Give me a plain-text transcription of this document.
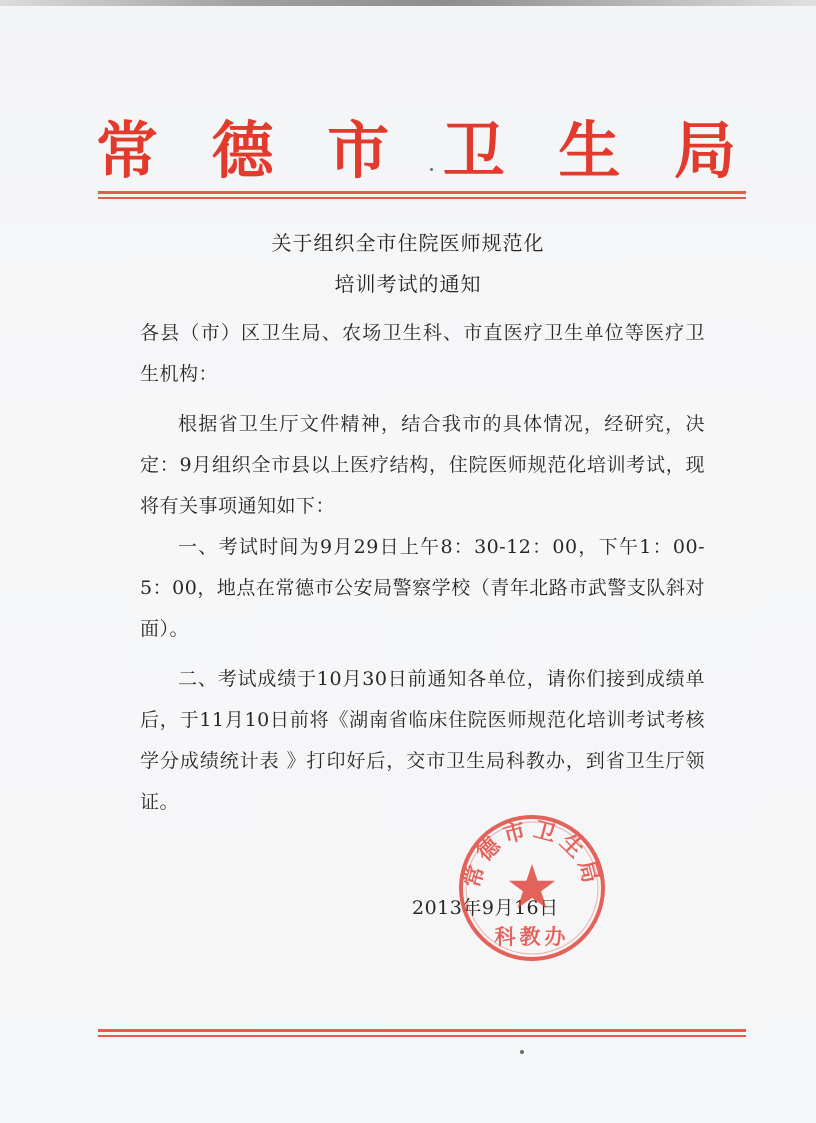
常 德 市 卫 生 局
关于组织全市住院医师规范化
培训考试的通知

各县（市）区卫生局、农场卫生科、市直医疗卫生单位等医疗卫生机构：

根据省卫生厅文件精神，结合我市的具体情况，经研究，决定：9月组织全市县以上医疗结构，住院医师规范化培训考试，现将有关事项通知如下：

一、考试时间为9月29日上午8：30-12：00，下午1：00-5：00，地点在常德市公安局警察学校（青年北路市武警支队斜对面）。

二、考试成绩于10月30日前通知各单位，请你们接到成绩单后，于11月10日前将《湖南省临床住院医师规范化培训考试考核学分成绩统计表 》打印好后，交市卫生局科教办，到省卫生厅领证。

2013年9月16日
常德市卫生局
科教办
